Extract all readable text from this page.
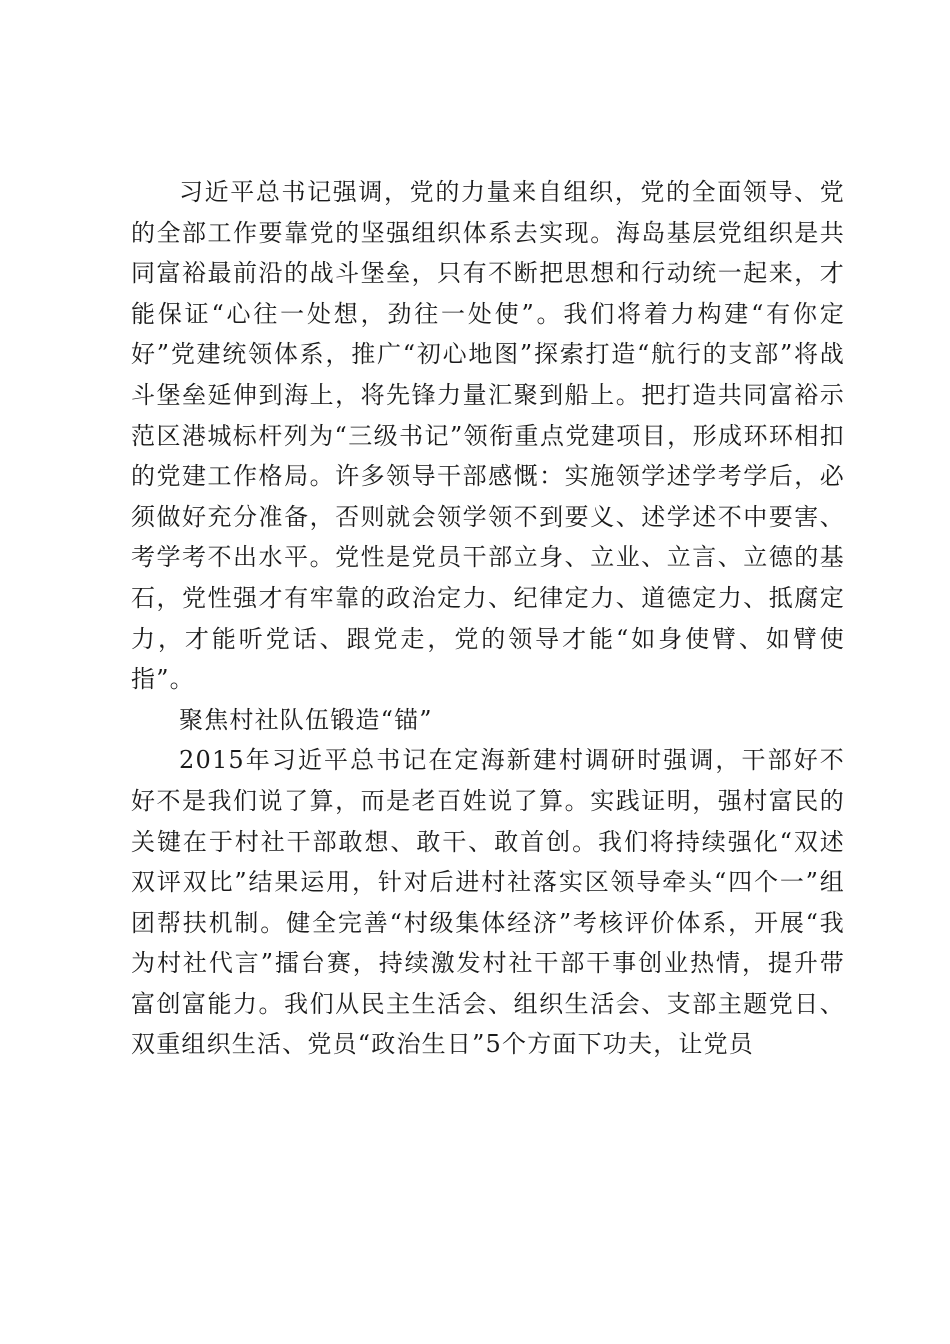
习近平总书记强调，党的力量来自组织，党的全面领导、党的全部工作要靠党的坚强组织体系去实现。海岛基层党组织是共同富裕最前沿的战斗堡垒，只有不断把思想和行动统一起来，才能保证“心往一处想，劲往一处使”。我们将着力构建“有你定好”党建统领体系，推广“初心地图”探索打造“航行的支部”将战斗堡垒延伸到海上，将先锋力量汇聚到船上。把打造共同富裕示范区港城标杆列为“三级书记”领衔重点党建项目，形成环环相扣的党建工作格局。许多领导干部感慨：实施领学述学考学后，必须做好充分准备，否则就会领学领不到要义、述学述不中要害、考学考不出水平。党性是党员干部立身、立业、立言、立德的基石，党性强才有牢靠的政治定力、纪律定力、道德定力、抵腐定力，才能听党话、跟党走，党的领导才能“如身使臂、如臂使指”。

聚焦村社队伍锻造“锚”

2015年习近平总书记在定海新建村调研时强调，干部好不好不是我们说了算，而是老百姓说了算。实践证明，强村富民的关键在于村社干部敢想、敢干、敢首创。我们将持续强化“双述双评双比”结果运用，针对后进村社落实区领导牵头“四个一”组团帮扶机制。健全完善“村级集体经济”考核评价体系，开展“我为村社代言”擂台赛，持续激发村社干部干事创业热情，提升带富创富能力。我们从民主生活会、组织生活会、支部主题党日、双重组织生活、党员“政治生日”5个方面下功夫，让党员
